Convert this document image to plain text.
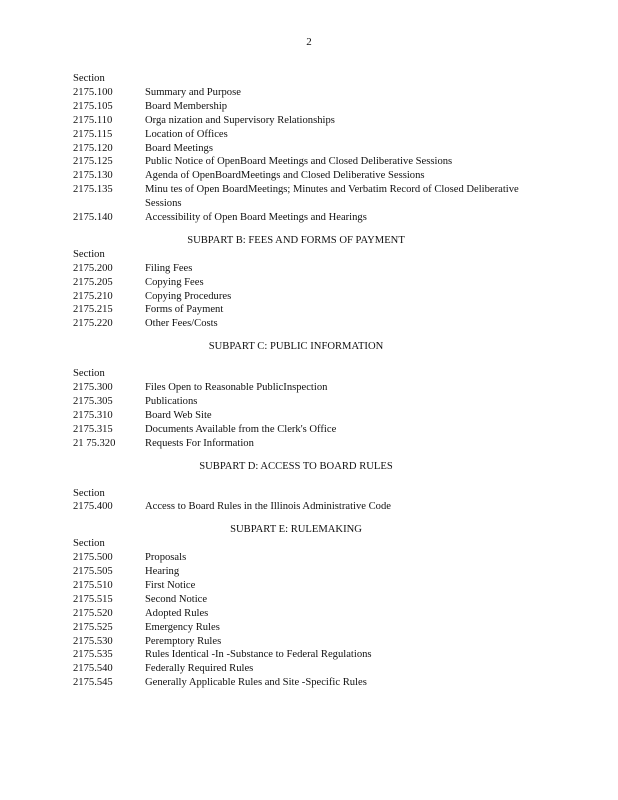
2
Section
2175.100	Summary and Purpose
2175.105	Board Membership
2175.110	Orga nization and Supervisory Relationships
2175.115	Location of Offices
2175.120	Board Meetings
2175.125	Public Notice of OpenBoard Meetings and Closed Deliberative Sessions
2175.130	Agenda of OpenBoardMeetings and Closed Deliberative Sessions
2175.135	Minu tes of Open BoardMeetings; Minutes and Verbatim Record of Closed Deliberative Sessions
2175.140	Accessibility of Open Board Meetings and Hearings
SUBPART B: FEES AND FORMS OF PAYMENT
Section
2175.200	Filing Fees
2175.205	Copying Fees
2175.210	Copying Procedures
2175.215	Forms of Payment
2175.220	Other Fees/Costs
SUBPART C: PUBLIC INFORMATION
Section
2175.300	Files Open to Reasonable PublicInspection
2175.305	Publications
2175.310	Board Web Site
2175.315	Documents Available from the Clerk's Office
21 75.320	Requests For Information
SUBPART D: ACCESS TO BOARD RULES
Section
2175.400	Access to Board Rules in the Illinois Administrative Code
SUBPART E: RULEMAKING
Section
2175.500	Proposals
2175.505	Hearing
2175.510	First Notice
2175.515	Second Notice
2175.520	Adopted Rules
2175.525	Emergency Rules
2175.530	Peremptory Rules
2175.535	Rules Identical -In -Substance to Federal Regulations
2175.540	Federally Required Rules
2175.545	Generally Applicable Rules and Site -Specific Rules
